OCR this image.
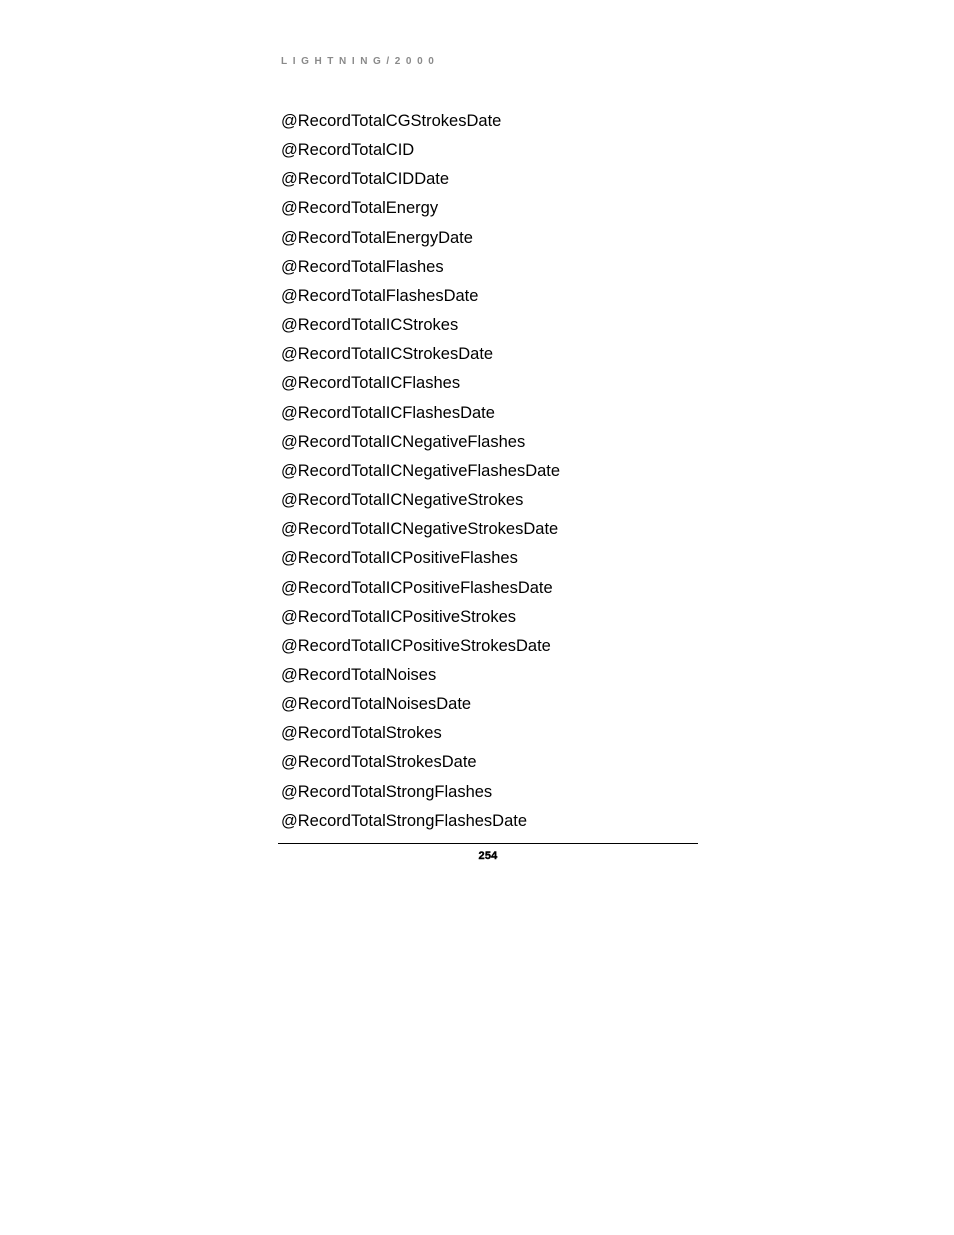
LIGHTNING/2000
@RecordTotalCGStrokesDate
@RecordTotalCID
@RecordTotalCIDDate
@RecordTotalEnergy
@RecordTotalEnergyDate
@RecordTotalFlashes
@RecordTotalFlashesDate
@RecordTotalICStrokes
@RecordTotalICStrokesDate
@RecordTotalICFlashes
@RecordTotalICFlashesDate
@RecordTotalICNegativeFlashes
@RecordTotalICNegativeFlashesDate
@RecordTotalICNegativeStrokes
@RecordTotalICNegativeStrokesDate
@RecordTotalICPositiveFlashes
@RecordTotalICPositiveFlashesDate
@RecordTotalICPositiveStrokes
@RecordTotalICPositiveStrokesDate
@RecordTotalNoises
@RecordTotalNoisesDate
@RecordTotalStrokes
@RecordTotalStrokesDate
@RecordTotalStrongFlashes
@RecordTotalStrongFlashesDate
254
